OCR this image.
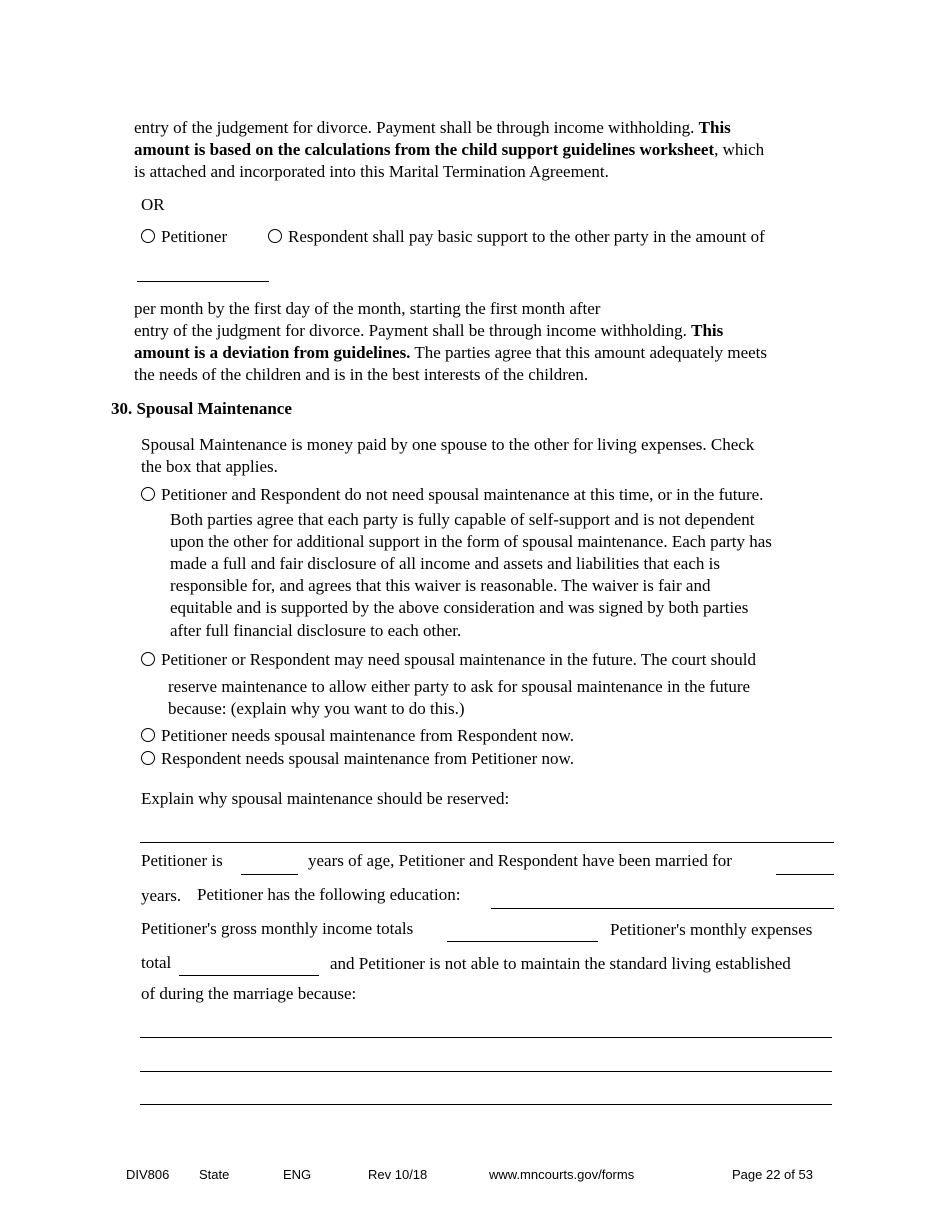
entry of the judgement for divorce. Payment shall be through income withholding. This
amount is based on the calculations from the child support guidelines worksheet, which
is attached and incorporated into this Marital Termination Agreement.
OR
Petitioner	Respondent shall pay basic support to the other party in the amount of
per month by the first day of the month, starting the first month after
entry of the judgment for divorce. Payment shall be through income withholding. This
amount is a deviation from guidelines. The parties agree that this amount adequately meets
the needs of the children and is in the best interests of the children.
30. Spousal Maintenance
Spousal Maintenance is money paid by one spouse to the other for living expenses. Check
the box that applies.
Petitioner and Respondent do not need spousal maintenance at this time, or in the future.
Both parties agree that each party is fully capable of self-support and is not dependent
upon the other for additional support in the form of spousal maintenance. Each party has
made a full and fair disclosure of all income and assets and liabilities that each is
responsible for, and agrees that this waiver is reasonable. The waiver is fair and
equitable and is supported by the above consideration and was signed by both parties
after full financial disclosure to each other.
Petitioner or Respondent may need spousal maintenance in the future. The court should
reserve maintenance to allow either party to ask for spousal maintenance in the future
because: (explain why you want to do this.)
Petitioner needs spousal maintenance from Respondent now.
Respondent needs spousal maintenance from Petitioner now.
Explain why spousal maintenance should be reserved:
Petitioner is	years of age, Petitioner and Respondent have been married for
years. Petitioner has the following education:
Petitioner's gross monthly income totals	Petitioner's monthly expenses
total	and Petitioner is not able to maintain the standard living established
of during the marriage because:
DIV806 State	ENG	Rev 10/18	www.mncourts.gov/forms	Page 22 of 53
